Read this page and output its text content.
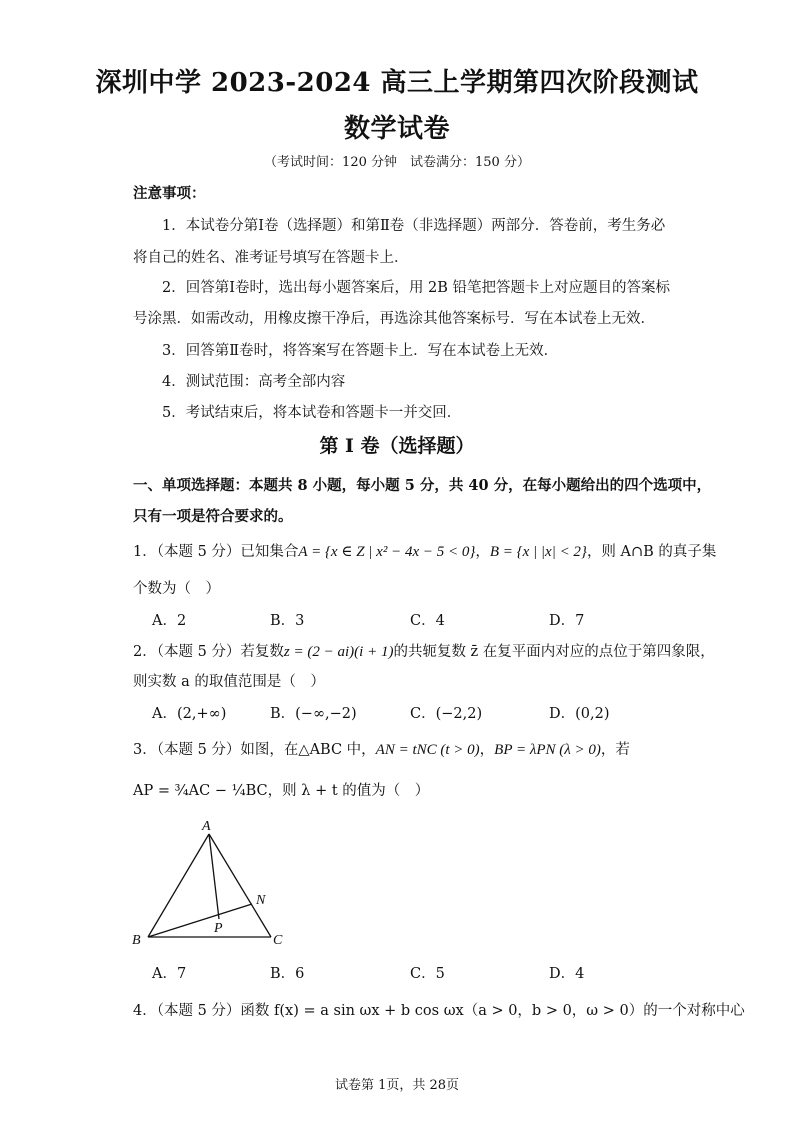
深圳中学 2023-2024 高三上学期第四次阶段测试
数学试卷
（考试时间：120 分钟　试卷满分：150 分）
注意事项：
1．本试卷分第Ⅰ卷（选择题）和第Ⅱ卷（非选择题）两部分．答卷前，考生务必
将自己的姓名、准考证号填写在答题卡上．
2．回答第Ⅰ卷时，选出每小题答案后，用 2B 铅笔把答题卡上对应题目的答案标
号涂黑．如需改动，用橡皮擦干净后，再选涂其他答案标号．写在本试卷上无效．
3．回答第Ⅱ卷时，将答案写在答题卡上．写在本试卷上无效．
4．测试范围：高考全部内容
5．考试结束后，将本试卷和答题卡一并交回．
第 I 卷（选择题）
一、单项选择题：本题共 8 小题，每小题 5 分，共 40 分，在每小题给出的四个选项中，
只有一项是符合要求的。
1．（本题 5 分）已知集合A = {x ∈ Z | x² − 4x − 5 < 0}，B = {x | |x| < 2}，则 A∩B 的真子集
个数为（　）
A．2	B．3	C．4	D．7
2．（本题 5 分）若复数z = (2 − ai)(i + 1)的共轭复数 z̄ 在复平面内对应的点位于第四象限，
则实数 a 的取值范围是（　）
A．(2,+∞)	B．(−∞,−2)	C．(−2,2)	D．(0,2)
3．（本题 5 分）如图，在△ABC 中，AN = tNC (t > 0)，BP = λPN (λ > 0)，若
AP = ¾AC − ¼BC，则 λ + t 的值为（　）
A
B	C
N
P
A．7	B．6	C．5	D．4
4．（本题 5 分）函数 f(x) = a sin ωx + b cos ωx（a > 0，b > 0，ω > 0）的一个对称中心
试卷第 1页，共 28页
